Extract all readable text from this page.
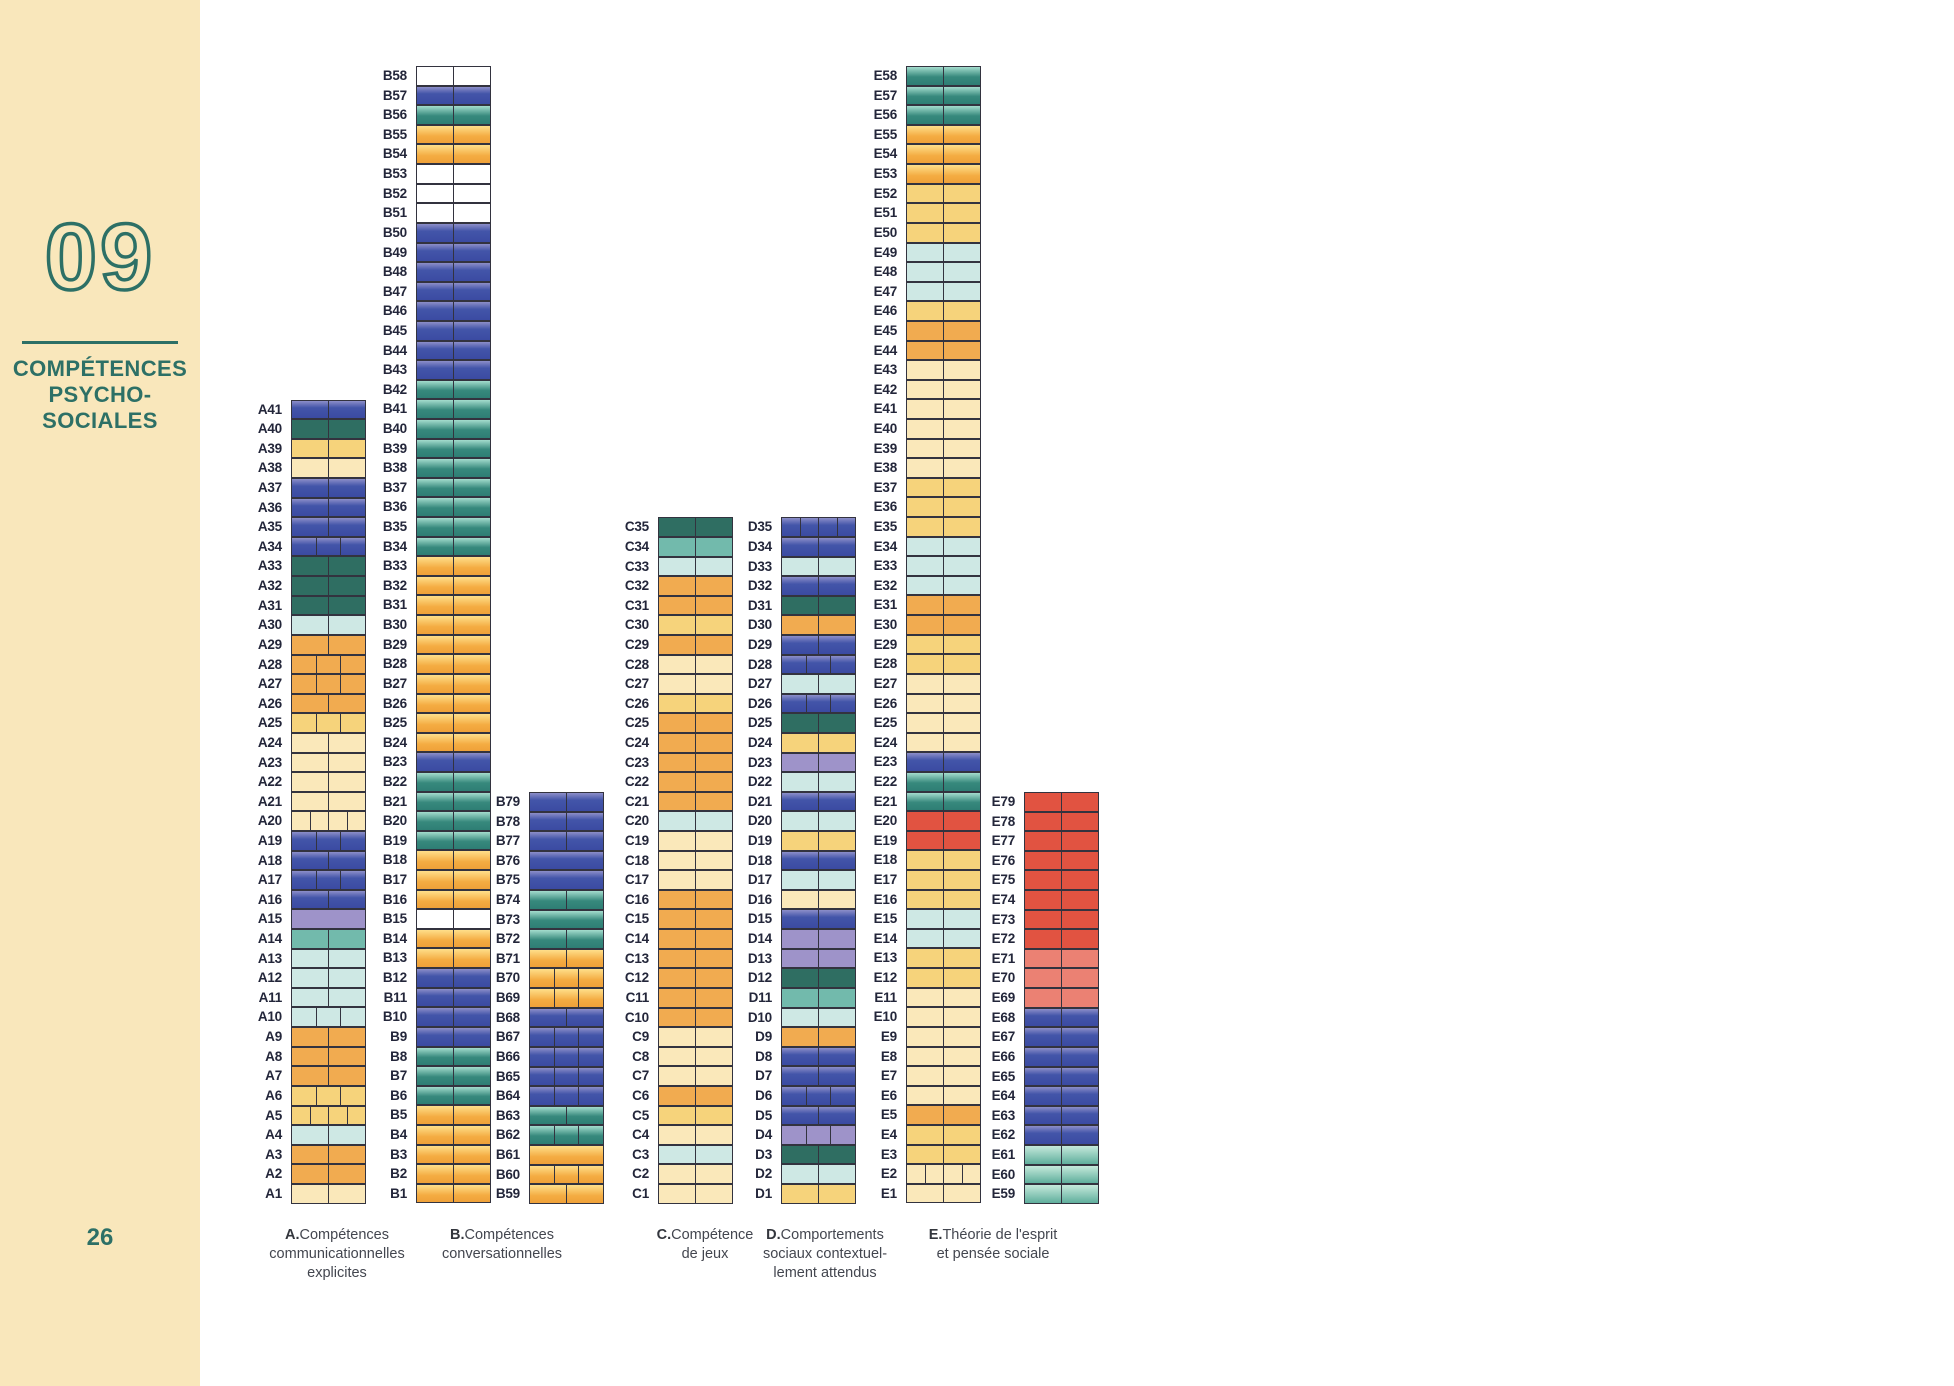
09
COMPÉTENCES
PSYCHO-
SOCIALES
26
A41
A40
A39
A38
A37
A36
A35
A34
A33
A32
A31
A30
A29
A28
A27
A26
A25
A24
A23
A22
A21
A20
A19
A18
A17
A16
A15
A14
A13
A12
A11
A10
A9
A8
A7
A6
A5
A4
A3
A2
A1
A.Compétences
communicationnelles
explicites
B58
B57
B56
B55
B54
B53
B52
B51
B50
B49
B48
B47
B46
B45
B44
B43
B42
B41
B40
B39
B38
B37
B36
B35
B34
B33
B32
B31
B30
B29
B28
B27
B26
B25
B24
B23
B22
B21
B20
B19
B18
B17
B16
B15
B14
B13
B12
B11
B10
B9
B8
B7
B6
B5
B4
B3
B2
B1
B.Compétences
conversationnelles
B79
B78
B77
B76
B75
B74
B73
B72
B71
B70
B69
B68
B67
B66
B65
B64
B63
B62
B61
B60
B59
C35
C34
C33
C32
C31
C30
C29
C28
C27
C26
C25
C24
C23
C22
C21
C20
C19
C18
C17
C16
C15
C14
C13
C12
C11
C10
C9
C8
C7
C6
C5
C4
C3
C2
C1
C.Compétence
de jeux
D35
D34
D33
D32
D31
D30
D29
D28
D27
D26
D25
D24
D23
D22
D21
D20
D19
D18
D17
D16
D15
D14
D13
D12
D11
D10
D9
D8
D7
D6
D5
D4
D3
D2
D1
D.Comportements
sociaux contextuel-
lement attendus
E58
E57
E56
E55
E54
E53
E52
E51
E50
E49
E48
E47
E46
E45
E44
E43
E42
E41
E40
E39
E38
E37
E36
E35
E34
E33
E32
E31
E30
E29
E28
E27
E26
E25
E24
E23
E22
E21
E20
E19
E18
E17
E16
E15
E14
E13
E12
E11
E10
E9
E8
E7
E6
E5
E4
E3
E2
E1
E.Théorie de l'esprit
et pensée sociale
E79
E78
E77
E76
E75
E74
E73
E72
E71
E70
E69
E68
E67
E66
E65
E64
E63
E62
E61
E60
E59
